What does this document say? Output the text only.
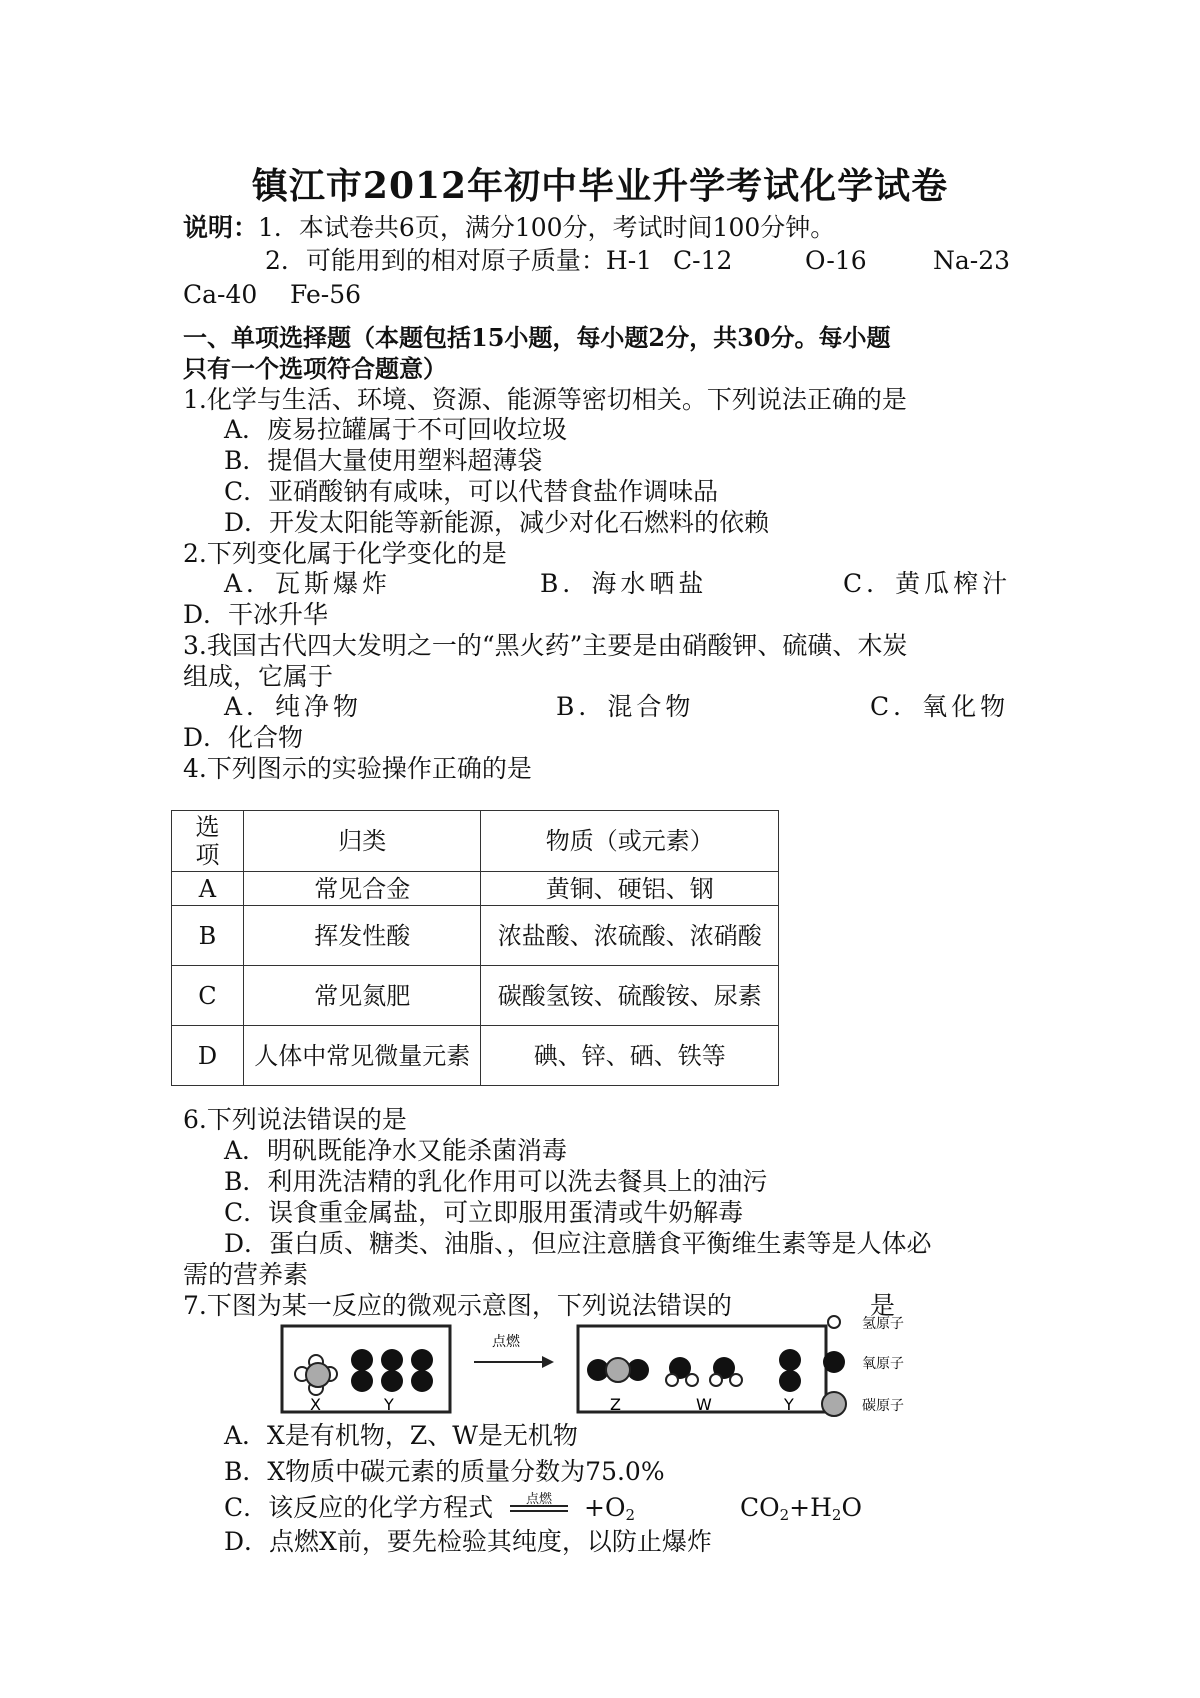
镇江市2012年初中毕业升学考试化学试卷
说明：1．本试卷共6页，满分100分，考试时间100分钟。
2．可能用到的相对原子质量：H-1 C-12	O-16	Na-23
Ca-40 Fe-56
一、单项选择题（本题包括15小题，每小题2分，共30分。每小题
只有一个选项符合题意）
1.化学与生活、环境、资源、能源等密切相关。下列说法正确的是
A．废易拉罐属于不可回收垃圾
B．提倡大量使用塑料超薄袋
C．亚硝酸钠有咸味，可以代替食盐作调味品
D．开发太阳能等新能源，减少对化石燃料的依赖
2.下列变化属于化学变化的是
A．瓦斯爆炸	B．海水晒盐	C．黄瓜榨汁
D．干冰升华
3.我国古代四大发明之一的“黑火药”主要是由硝酸钾、硫磺、木炭
组成，它属于
A．纯净物	B．混合物	C．氧化物
D．化合物
4.下列图示的实验操作正确的是
选项	归类	物质（或元素）
A	常见合金	黄铜、硬铝、钢
B	挥发性酸	浓盐酸、浓硫酸、浓硝酸
C	常见氮肥	碳酸氢铵、硫酸铵、尿素
D	人体中常见微量元素	碘、锌、硒、铁等
6.下列说法错误的是
A．明矾既能净水又能杀菌消毒
B．利用洗洁精的乳化作用可以洗去餐具上的油污
C．误食重金属盐，可立即服用蛋清或牛奶解毒
D．蛋白质、糖类、油脂、，但应注意膳食平衡维生素等是人体必
需的营养素
7.下图为某一反应的微观示意图，下列说法错误的	是
X	Y
点燃
Z	W	Y
氢原子
氧原子
碳原子
A．X是有机物，Z、W是无机物
B．X物质中碳元素的质量分数为75.0%
C．该反应的化学方程式	点燃	$+O_2$	$CO_2+H_2O$
D．点燃X前，要先检验其纯度，以防止爆炸
